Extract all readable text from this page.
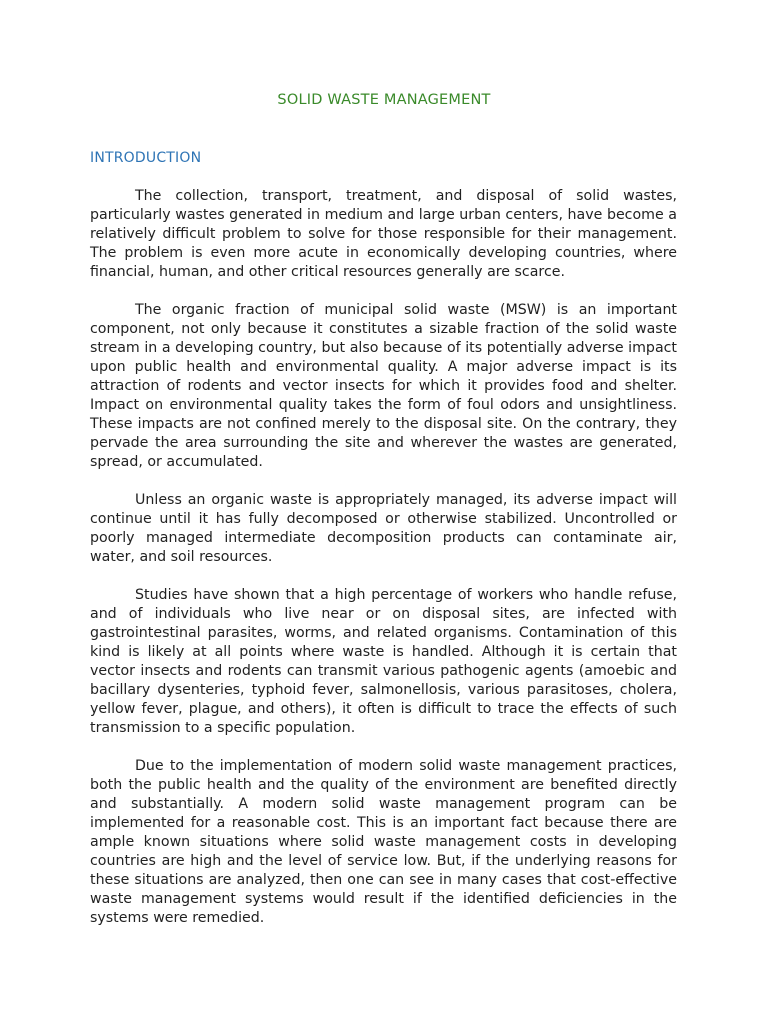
SOLID WASTE MANAGEMENT
INTRODUCTION

The collection, transport, treatment, and disposal of solid wastes, particularly wastes generated in medium and large urban centers, have become a relatively difficult problem to solve for those responsible for their management. The problem is even more acute in economically developing countries, where financial, human, and other critical resources generally are scarce.

The organic fraction of municipal solid waste (MSW) is an important component, not only because it constitutes a sizable fraction of the solid waste stream in a developing country, but also because of its potentially adverse impact upon public health and environmental quality. A major adverse impact is its attraction of rodents and vector insects for which it provides food and shelter. Impact on environmental quality takes the form of foul odors and unsightliness. These impacts are not confined merely to the disposal site. On the contrary, they pervade the area surrounding the site and wherever the wastes are generated, spread, or accumulated.

Unless an organic waste is appropriately managed, its adverse impact will continue until it has fully decomposed or otherwise stabilized. Uncontrolled or poorly managed intermediate decomposition products can contaminate air, water, and soil resources.

Studies have shown that a high percentage of workers who handle refuse, and of individuals who live near or on disposal sites, are infected with gastrointestinal parasites, worms, and related organisms. Contamination of this kind is likely at all points where waste is handled. Although it is certain that vector insects and rodents can transmit various pathogenic agents (amoebic and bacillary dysenteries, typhoid fever, salmonellosis, various parasitoses, cholera, yellow fever, plague, and others), it often is difficult to trace the effects of such transmission to a specific population.

Due to the implementation of modern solid waste management practices, both the public health and the quality of the environment are benefited directly and substantially. A modern solid waste management program can be implemented for a reasonable cost. This is an important fact because there are ample known situations where solid waste management costs in developing countries are high and the level of service low. But, if the underlying reasons for these situations are analyzed, then one can see in many cases that cost-effective waste management systems would result if the identified deficiencies in the systems were remedied.
